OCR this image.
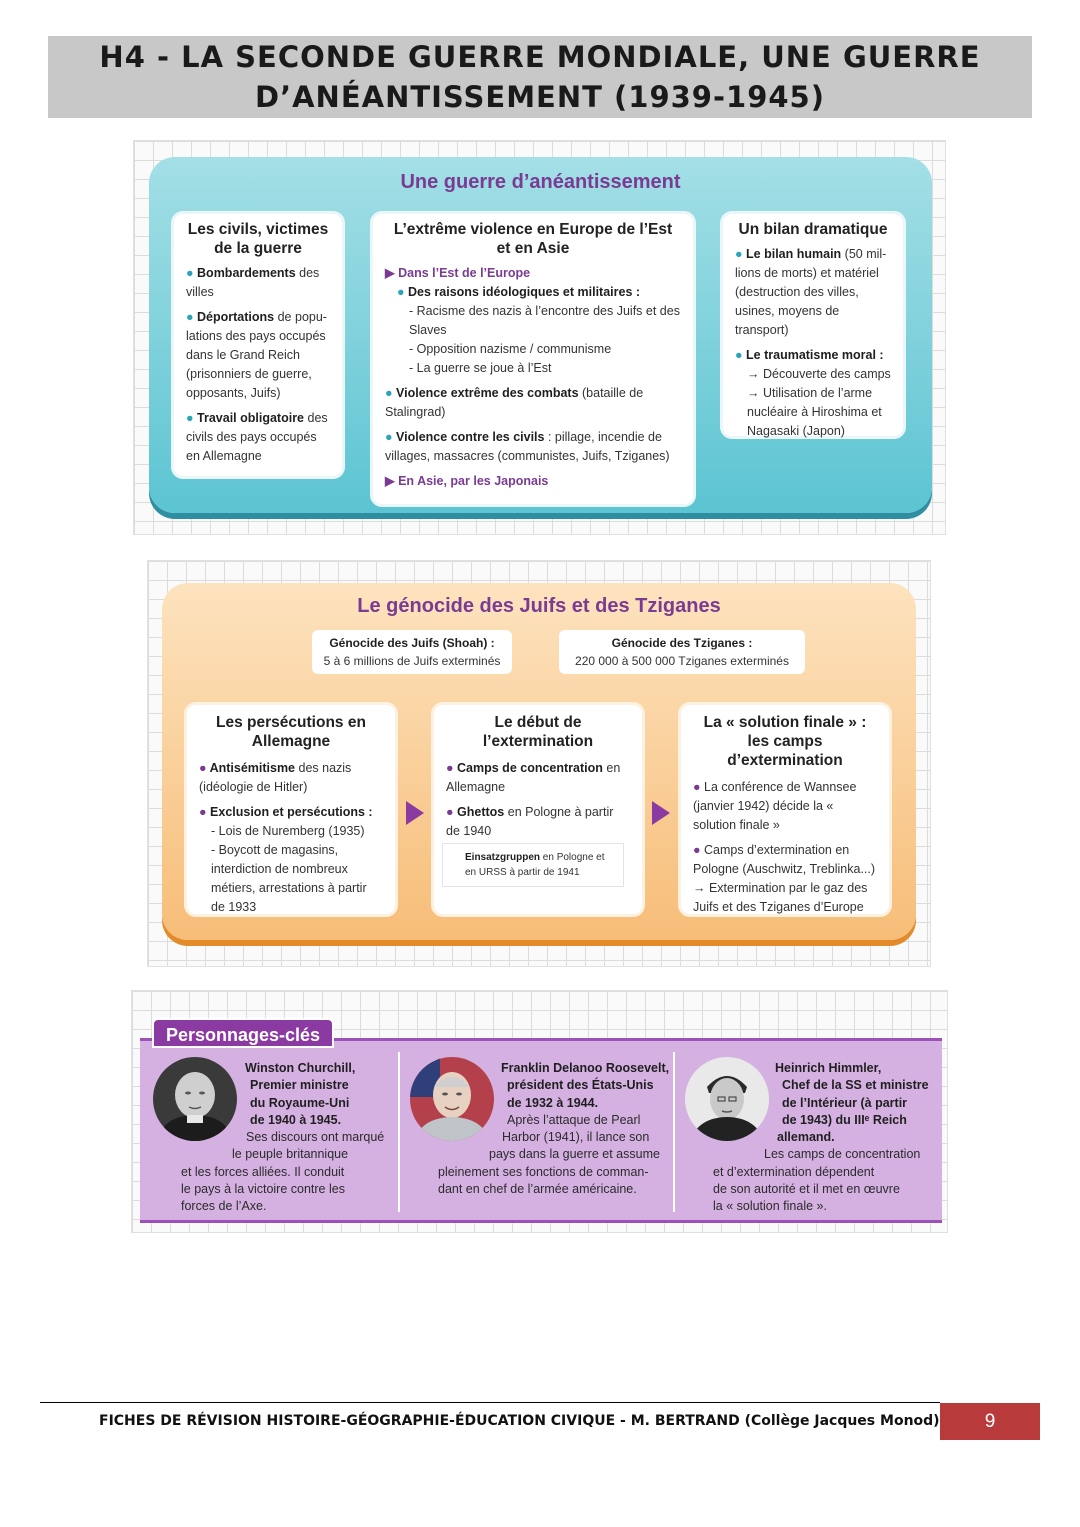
H4 - LA SECONDE GUERRE MONDIALE, UNE GUERRE
D’ANÉANTISSEMENT (1939-1945)
Une guerre d’anéantissement
Les civils, victimes de la guerre
● Bombardements des villes
● Déportations de popu-lations des pays occupés dans le Grand Reich (prisonniers de guerre, opposants, Juifs)
● Travail obligatoire des civils des pays occupés en Allemagne
L’extrême violence en Europe de l’Est et en Asie
▶ Dans l’Est de l’Europe
● Des raisons idéologiques et militaires :
- Racisme des nazis à l’encontre des Juifs et des Slaves
- Opposition nazisme / communisme
- La guerre se joue à l’Est
● Violence extrême des combats (bataille de Stalingrad)
● Violence contre les civils : pillage, incendie de villages, massacres (communistes, Juifs, Tziganes)
▶ En Asie, par les Japonais
Un bilan dramatique
● Le bilan humain (50 mil-lions de morts) et matériel (destruction des villes, usines, moyens de transport)
● Le traumatisme moral :
→ Découverte des camps
→ Utilisation de l’arme nucléaire à Hiroshima et Nagasaki (Japon)
Le génocide des Juifs et des Tziganes
Génocide des Juifs (Shoah) :
5 à 6 millions de Juifs exterminés
Génocide des Tziganes :
220 000 à 500 000 Tziganes exterminés
Les persécutions en Allemagne
● Antisémitisme des nazis (idéologie de Hitler)
● Exclusion et persécutions :
- Lois de Nuremberg (1935)
- Boycott de magasins, interdiction de nombreux métiers, arrestations à partir de 1933
Le début de l’extermination
● Camps de concentration en Allemagne
● Ghettos en Pologne à partir de 1940
Einsatzgruppen en Pologne et en URSS à partir de 1941
La « solution finale » : les camps d’extermination
● La conférence de Wannsee (janvier 1942) décide la « solution finale »
● Camps d’extermination en Pologne (Auschwitz, Treblinka...)
→ Extermination par le gaz des Juifs et des Tziganes d’Europe
Personnages-clés
Winston Churchill,
Premier ministre
du Royaume-Uni
de 1940 à 1945.
Ses discours ont marqué
le peuple britannique
et les forces alliées. Il conduit
le pays à la victoire contre les
forces de l’Axe.
Franklin Delanoo Roosevelt,
président des États-Unis
de 1932 à 1944.
Après l’attaque de Pearl
Harbor (1941), il lance son
pays dans la guerre et assume
pleinement ses fonctions de comman-
dant en chef de l’armée américaine.
Heinrich Himmler,
Chef de la SS et ministre
de l’Intérieur (à partir
de 1943) du IIIᵉ Reich
allemand.
Les camps de concentration
et d’extermination dépendent
de son autorité et il met en œuvre
la « solution finale ».
FICHES DE RÉVISION HISTOIRE-GÉOGRAPHIE-ÉDUCATION CIVIQUE - M. BERTRAND (Collège Jacques Monod)	9
